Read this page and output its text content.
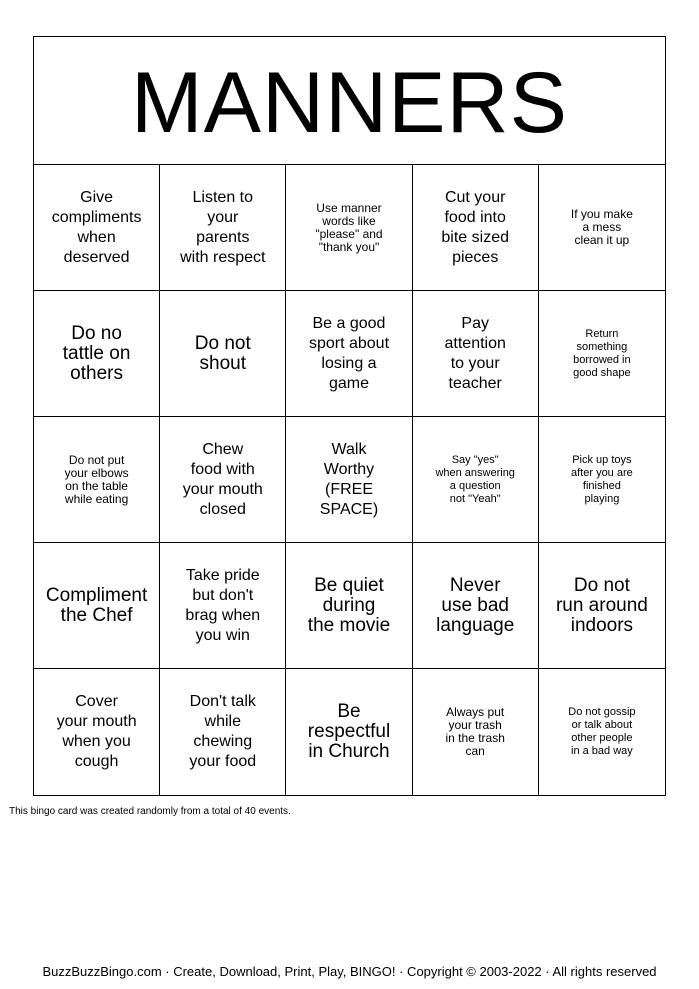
MANNERS
Give
compliments
when
deserved
Listen to
your
parents
with respect
Use manner
words like
"please" and
"thank you"
Cut your
food into
bite sized
pieces
If you make
a mess
clean it up
Do no
tattle on
others
Do not
shout
Be a good
sport about
losing a
game
Pay
attention
to your
teacher
Return
something
borrowed in
good shape
Do not put
your elbows
on the table
while eating
Chew
food with
your mouth
closed
Walk
Worthy
(FREE
SPACE)
Say "yes"
when answering
a question
not "Yeah"
Pick up toys
after you are
finished
playing
Compliment
the Chef
Take pride
but don't
brag when
you win
Be quiet
during
the movie
Never
use bad
language
Do not
run around
indoors
Cover
your mouth
when you
cough
Don't talk
while
chewing
your food
Be
respectful
in Church
Always put
your trash
in the trash
can
Do not gossip
or talk about
other people
in a bad way
This bingo card was created randomly from a total of 40 events.
BuzzBuzzBingo.com · Create, Download, Print, Play, BINGO! · Copyright © 2003-2022 · All rights reserved
